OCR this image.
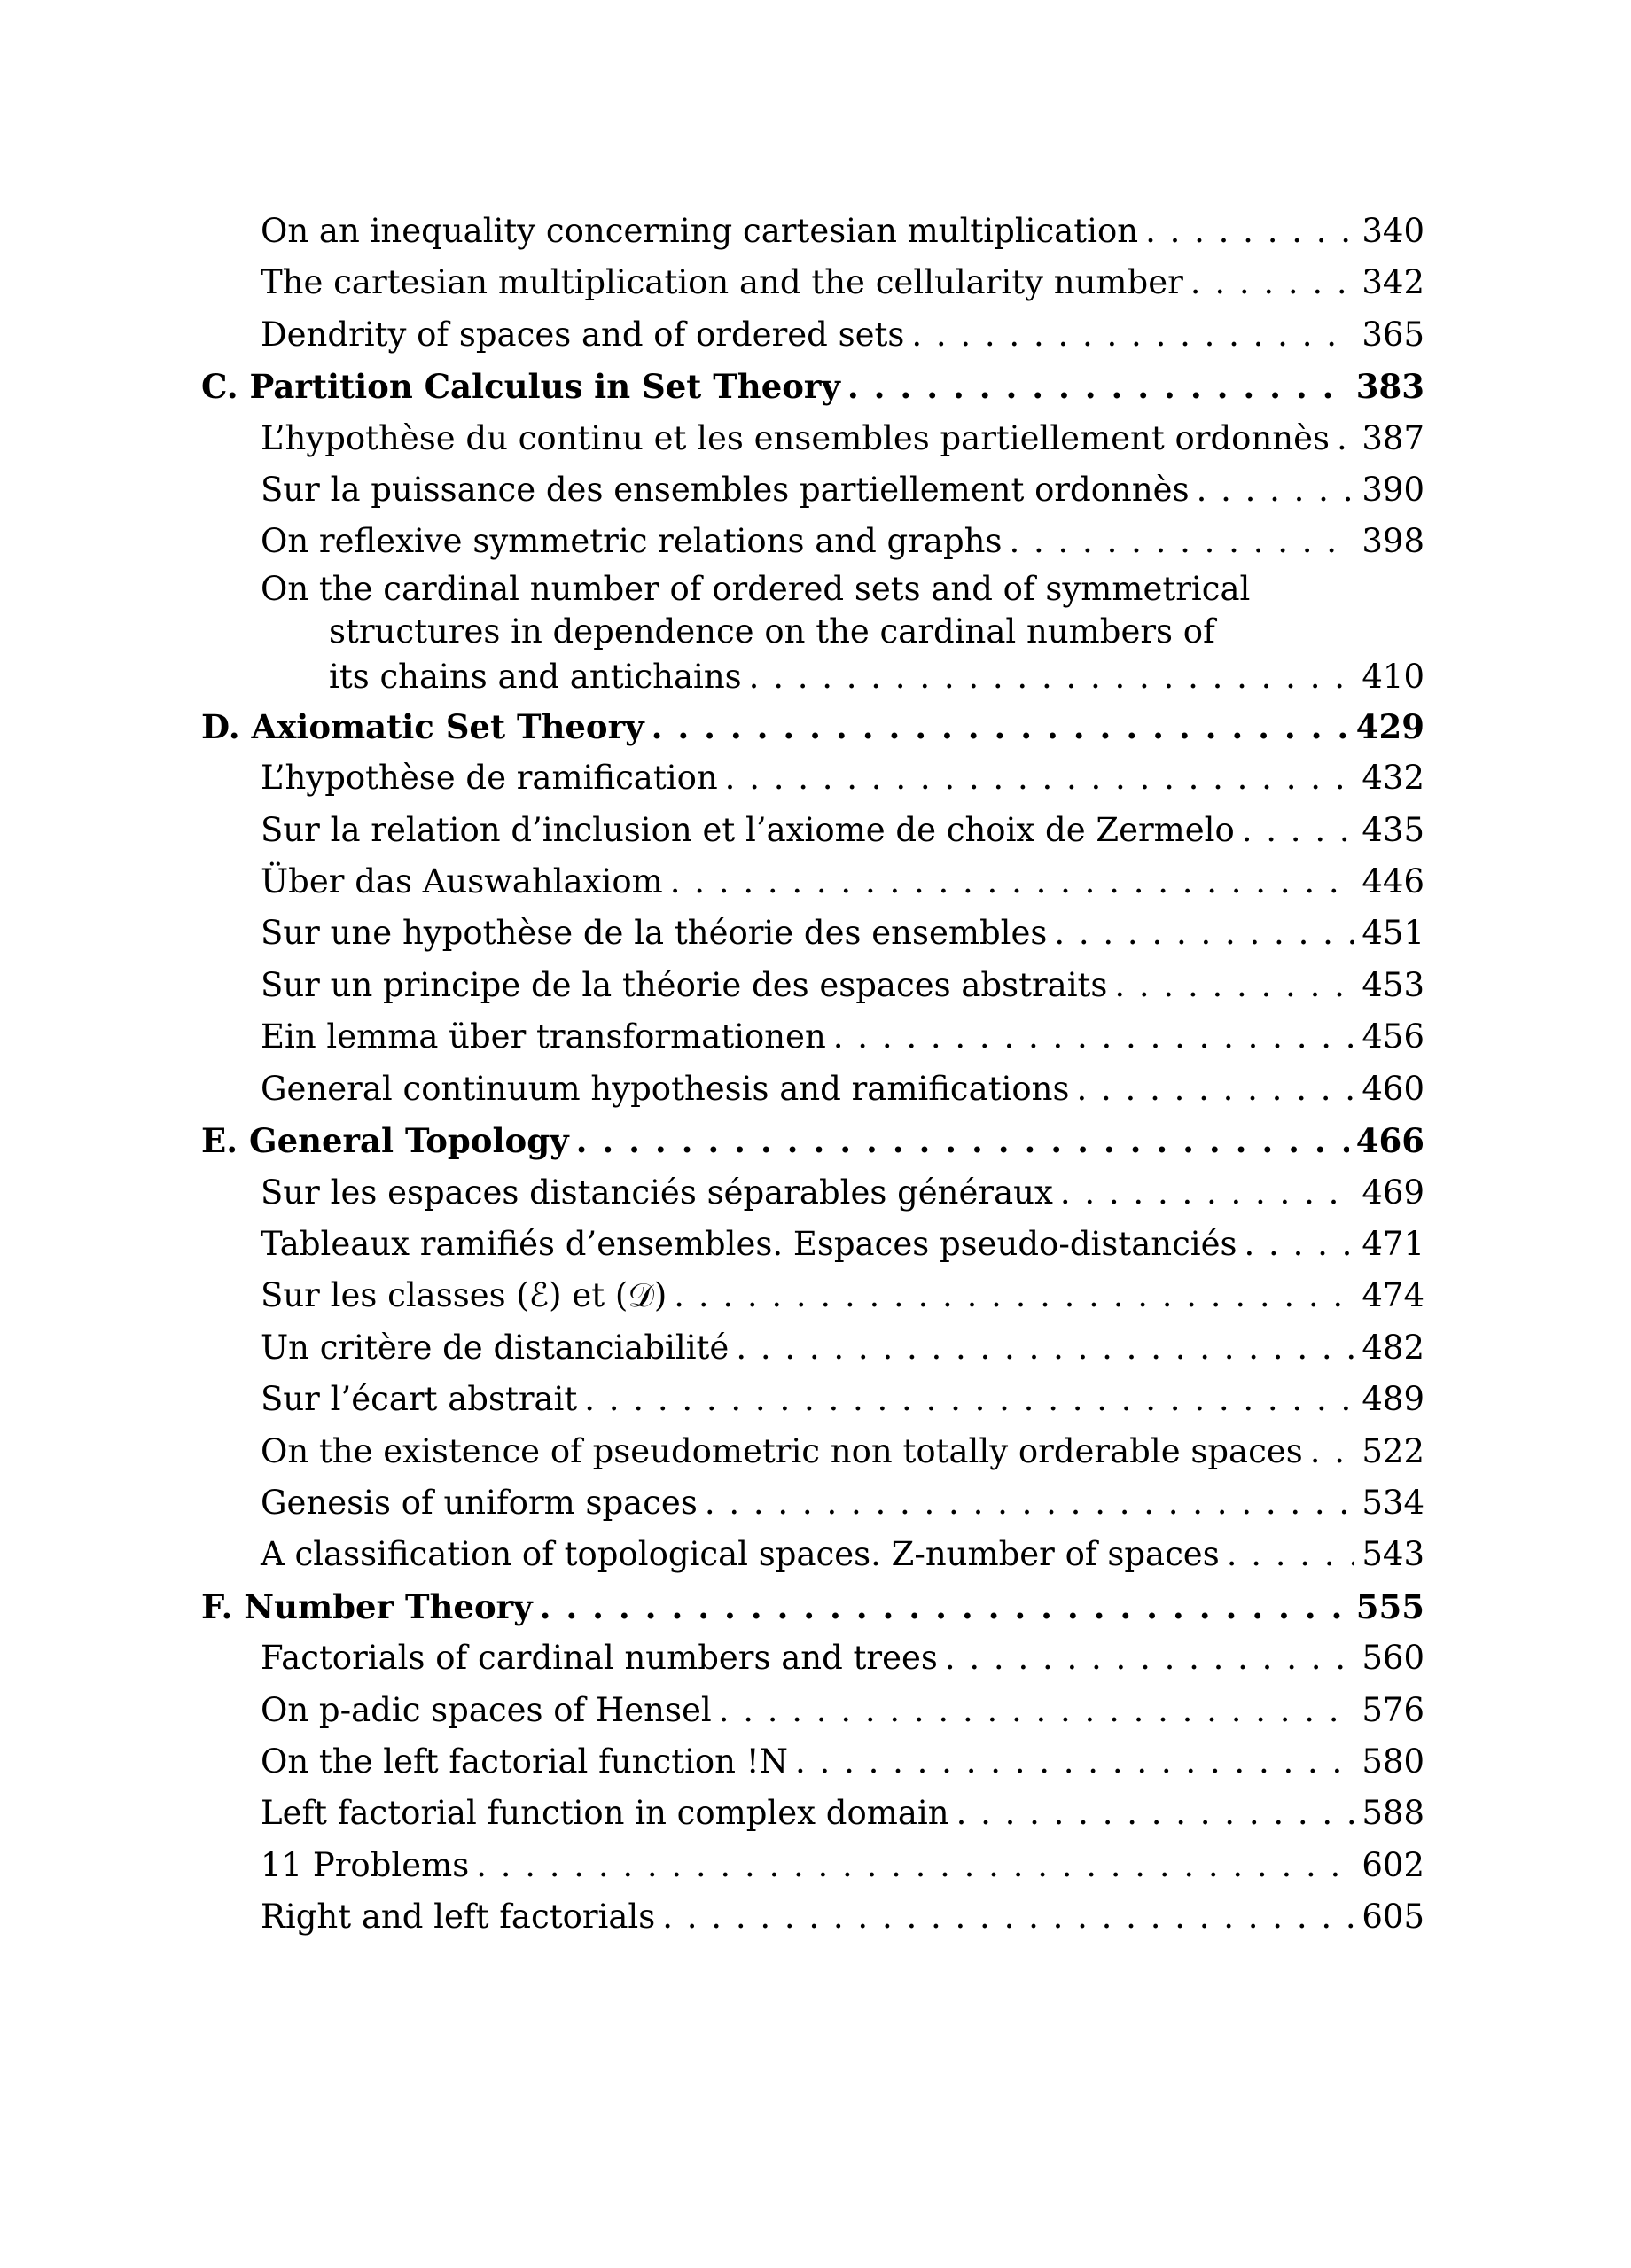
On an inequality concerning cartesian multiplication . . .	340
The cartesian multiplication and the cellularity number . . .	342
Dendrity of spaces and of ordered sets . . .	365
C. Partition Calculus in Set Theory . . .	383
L’hypothèse du continu et les ensembles partiellement ordonnès . . . 387
Sur la puissance des ensembles partiellement ordonnès . . .	390
On reflexive symmetric relations and graphs . . .	398
On the cardinal number of ordered sets and of symmetrical
structures in dependence on the cardinal numbers of
its chains and antichains . . .	410
D. Axiomatic Set Theory . . .	429
L’hypothèse de ramification . . .	432
Sur la relation d’inclusion et l’axiome de choix de Zermelo . . .	435
Über das Auswahlaxiom . . .	446
Sur une hypothèse de la théorie des ensembles . . .	451
Sur un principe de la théorie des espaces abstraits . . .	453
Ein lemma über transformationen . . .	456
General continuum hypothesis and ramifications . . .	460
E. General Topology . . .	466
Sur les espaces distanciés séparables généraux . . .	469
Tableaux ramifiés d’ensembles. Espaces pseudo-distanciés . . .	471
Sur les classes (ℰ) et (𝒟) . . .	474
Un critère de distanciabilité . . .	482
Sur l’écart abstrait . . .	489
On the existence of pseudometric non totally orderable spaces . . . 522
Genesis of uniform spaces . . .	534
A classification of topological spaces. Z-number of spaces . . .	543
F. Number Theory . . .	555
Factorials of cardinal numbers and trees . . .	560
On p-adic spaces of Hensel . . .	576
On the left factorial function !N . . .	580
Left factorial function in complex domain . . .	588
11 Problems . . .	602
Right and left factorials . . .	605
